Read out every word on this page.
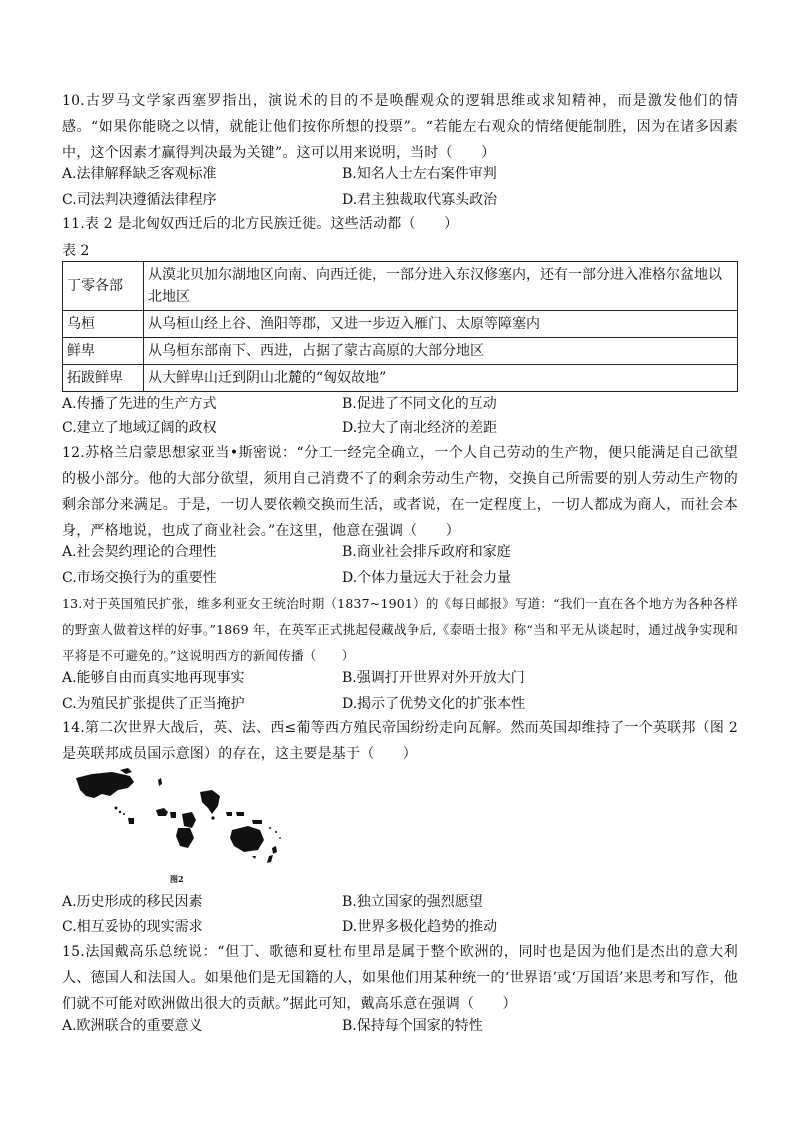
10.古罗马文学家西塞罗指出，演说术的目的不是唤醒观众的逻辑思维或求知精神，而是激发他们的情感。“如果你能晓之以情，就能让他们按你所想的投票”。“若能左右观众的情绪便能制胜，因为在诸多因素中，这个因素才赢得判决最为关键”。这可以用来说明，当时（　　）

A.法律解释缺乏客观标准	B.知名人士左右案件审判
C.司法判决遵循法律程序	D.君主独裁取代寡头政治

11.表 2 是北匈奴西迁后的北方民族迁徙。这些活动都（　　）

表 2
丁零各部	从漠北贝加尔湖地区向南、向西迁徙，一部分进入东汉修塞内，还有一部分进入准格尔盆地以北地区
乌桓	从乌桓山经上谷、渔阳等郡，又进一步迈入雁门、太原等障塞内
鲜卑	从乌桓东部南下、西进，占据了蒙古高原的大部分地区
拓跋鲜卑	从大鲜卑山迁到阴山北麓的“匈奴故地”
A.传播了先进的生产方式	B.促进了不同文化的互动
C.建立了地域辽阔的政权	D.拉大了南北经济的差距

12.苏格兰启蒙思想家亚当•斯密说：“分工一经完全确立，一个人自己劳动的生产物，便只能满足自己欲望的极小部分。他的大部分欲望，须用自己消费不了的剩余劳动生产物，交换自己所需要的别人劳动生产物的剩余部分来满足。于是，一切人要依赖交换而生活，或者说，在一定程度上，一切人都成为商人，而社会本身，严格地说，也成了商业社会。”在这里，他意在强调（　　）

A.社会契约理论的合理性	B.商业社会排斥政府和家庭
C.市场交换行为的重要性	D.个体力量远大于社会力量

13.对于英国殖民扩张，维多利亚女王统治时期（1837~1901）的《每日邮报》写道：“我们一直在各个地方为各种各样的野蛮人做着这样的好事。”1869 年，在英军正式挑起侵藏战争后,《泰晤士报》称“当和平无从谈起时，通过战争实现和平将是不可避免的。”这说明西方的新闻传播（　　）

A.能够自由而真实地再现事实	B.强调打开世界对外开放大门
C.为殖民扩张提供了正当掩护	D.揭示了优势文化的扩张本性

14.第二次世界大战后，英、法、西≤葡等西方殖民帝国纷纷走向瓦解。然而英国却维持了一个英联邦（图 2 是英联邦成员国示意图）的存在，这主要是基于（　　）

图2
A.历史形成的移民因素	B.独立国家的强烈愿望
C.相互妥协的现实需求	D.世界多极化趋势的推动

15.法国戴高乐总统说：“但丁、歌德和夏杜布里昂是属于整个欧洲的，同时也是因为他们是杰出的意大利人、德国人和法国人。如果他们是无国籍的人，如果他们用某种统一的‘世界语’或‘万国语’来思考和写作，他们就不可能对欧洲做出很大的贡献。”据此可知，戴高乐意在强调（　　）

A.欧洲联合的重要意义	B.保持每个国家的特性
